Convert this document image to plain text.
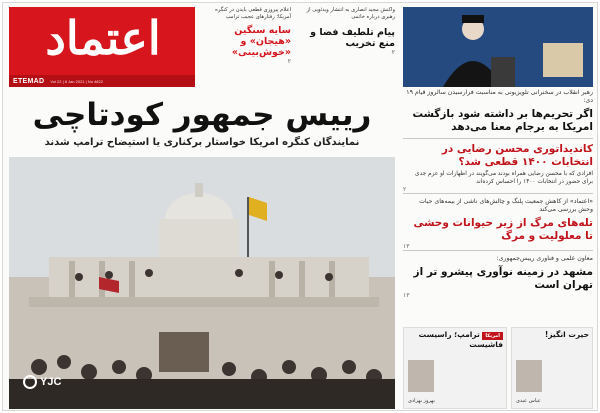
اعتماد
ETEMAD Vol 22 | 8 Jan 2021 | No 4822
اعلام پیروزی قطعی بایدن در کنگره آمریکا؛ رفتارهای عجیب ترامپ
سایه سنگین «هیجان» و «خوش‌بینی»
۲
واکنش مجید انصاری به انتشار ویدئویی از رهبری درباره خاتمی
پیام تلطیف فضا و منع تخریب
۲
رییس جمهور کودتاچی
نمایندگان کنگره امریکا خواستار برکناری یا استیضاح ترامپ شدند
YJC
رهبر انقلاب در سخنرانی تلویزیونی به مناسبت فرارسیدن سالروز قیام ۱۹ دی:
اگر تحریم‌ها بر داشته شود بازگشت امریکا به برجام معنا می‌دهد
کاندیداتوری محسن رضایی در انتخابات ۱۴۰۰ قطعی شد؟
افرادی که با محسن رضایی همراه بودند می‌گویند در اظهارات او عزم جدی برای حضور در انتخابات ۱۴۰۰ را احساس کرده‌اند
۲
«اعتماد» از کاهش جمعیت پلنگ و چالش‌های ناشی از بیمه‌های حیات وحش بررسی می‌کند
تله‌های مرگ از زیر حیوانات وحشی تا معلولیت و مرگ
۱۳
معاون علمی و فناوری رییس‌جمهوری:
مشهد در زمینه نوآوری پیشرو تر از تهران است
۱۳
امریکا ترامپ؛ راسیست فاشیست
بهروز بهزادی
حیرت انگیز!
عباس عبدی
